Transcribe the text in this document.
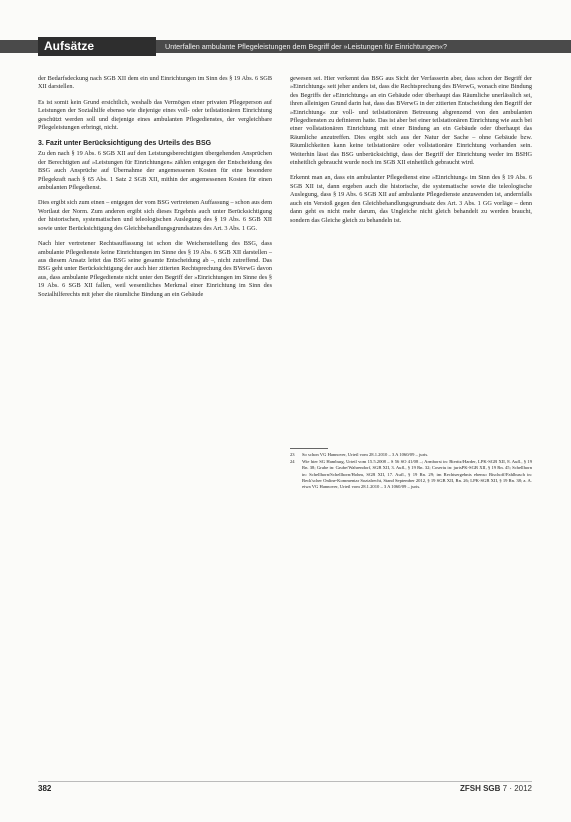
Aufsätze	Unterfallen ambulante Pflegeleistungen dem Begriff der »Leistungen für Einrichtungen«?

der Bedarfsdeckung nach SGB XII dem ein und Einrichtungen im Sinn des § 19 Abs. 6 SGB XII darstellen.

Es ist somit kein Grund ersichtlich, weshalb das Vermögen einer privaten Pflegeperson auf Leistungen der Sozialhilfe ebenso wie diejenige eines voll- oder teilstationären Einrichtung geschützt werden soll und diejenige eines ambulanten Pflegedienstes, der vergleichbare Pflegeleistungen erbringt, nicht.

3. Fazit unter Berücksichtigung des Urteils des BSG

Zu den nach § 19 Abs. 6 SGB XII auf den Leistungsberechtigten übergehenden Ansprüchen der Berechtigten auf »Leistungen für Einrichtungen« zählen entgegen der Entscheidung des BSG auch Ansprüche auf Übernahme der angemessenen Kosten für eine besondere Pflegekraft nach § 65 Abs. 1 Satz 2 SGB XII, mithin der angemessenen Kosten für einen ambulanten Pflegedienst.

Dies ergibt sich zum einen – entgegen der vom BSG vertretenen Auffassung – schon aus dem Wortlaut der Norm. Zum anderen ergibt sich dieses Ergebnis auch unter Berücksichtigung der historischen, systematischen und teleologischen Auslegung des § 19 Abs. 6 SGB XII sowie unter Berücksichtigung des Gleichbehandlungsgrundsatzes des Art. 3 Abs. 1 GG.

Nach hier vertretener Rechtsauffassung ist schon die Weichenstellung des BSG, dass ambulante Pflegedienste keine Einrichtungen im Sinne des § 19 Abs. 6 SGB XII darstellen – aus diesem Ansatz leitet das BSG seine gesamte Entscheidung ab –, nicht zutreffend. Das BSG geht unter Berücksichtigung der auch hier zitierten Rechtsprechung des BVerwG davon aus, dass ambulante Pflegedienste nicht unter den Begriff der »Einrichtungen im Sinne des § 19 Abs. 6 SGB XII fallen, weil wesentliches Merkmal einer Einrichtung im Sinn des Sozialhilferechts mit jeher die räumliche Bindung an ein Gebäude

gewesen sei. Hier verkennt das BSG aus Sicht der Verfasserin aber, dass schon der Begriff der »Einrichtung« seit jeher anders ist, dass die Rechtsprechung des BVerwG, wonach eine Bindung des Begriffs der »Einrichtung« an ein Gebäude oder überhaupt das Räumliche unerlässlich sei, ihren alleinigen Grund darin hat, dass das BVerwG in der zitierten Entscheidung den Begriff der »Einrichtung« zur voll- und teilstationären Betreuung abgrenzend von den ambulanten Pflegediensten zu definieren hatte. Das ist aber bei einer teilstationären Einrichtung wie auch bei einer vollstationären Einrichtung mit einer Bindung an ein Gebäude oder überhaupt das Räumliche anzutreffen. Dies ergibt sich aus der Natur der Sache – ohne Gebäude bzw. Räumlichkeiten kann keine teilstationäre oder vollstationäre Einrichtung vorhanden sein. Weiterhin lässt das BSG unberücksichtigt, dass der Begriff der Einrichtung weder im BSHG einheitlich gebraucht wurde noch im SGB XII einheitlich gebraucht wird.

Erkennt man an, dass ein ambulanter Pflegedienst eine »Einrichtung« im Sinn des § 19 Abs. 6 SGB XII ist, dann ergeben auch die historische, die systematische sowie die teleologische Auslegung, dass § 19 Abs. 6 SGB XII auf ambulante Pflegedienste anzuwenden ist, andernfalls auch ein Verstoß gegen den Gleichbehandlungsgrundsatz des Art. 3 Abs. 1 GG vorläge – denn dann geht es nicht mehr darum, das Ungleiche nicht gleich behandelt zu werden braucht, sondern das Gleiche gleich zu behandeln ist.

23	So schon VG Hannover, Urteil vom 28.1.2010 – 3 A 1060/09 – juris.
24	Wie hier SG Hamburg, Urteil vom 15.5.2008 – S 56 SO 41/08 –; Armborst in: Bieritz/Harder, LPK-SGB XII, 8. Aufl., § 19 Rn. 38; Grube in: Grube/Wahrendorf, SGB XII, 3. Aufl., § 19 Rn. 32; Coseriu in: jurisPK-SGB XII, § 19 Rn. 45; Schellhorn in: Schellhorn/Schellhorn/Hohm, SGB XII, 17. Aufl., § 19 Rn. 29; im Rechtsergebnis ebenso Bischoff/Fahlbusch in: Beck'scher Online-Kommentar Sozialrecht, Stand September 2012, § 19 SGB XII, Rn. 26; LPK-SGB XII, § 19 Rn. 38; a. A. etwa VG Hannover, Urteil vom 28.1.2010 – 3 A 1060/09 – juris.
382	ZFSH SGB 7 · 2012
